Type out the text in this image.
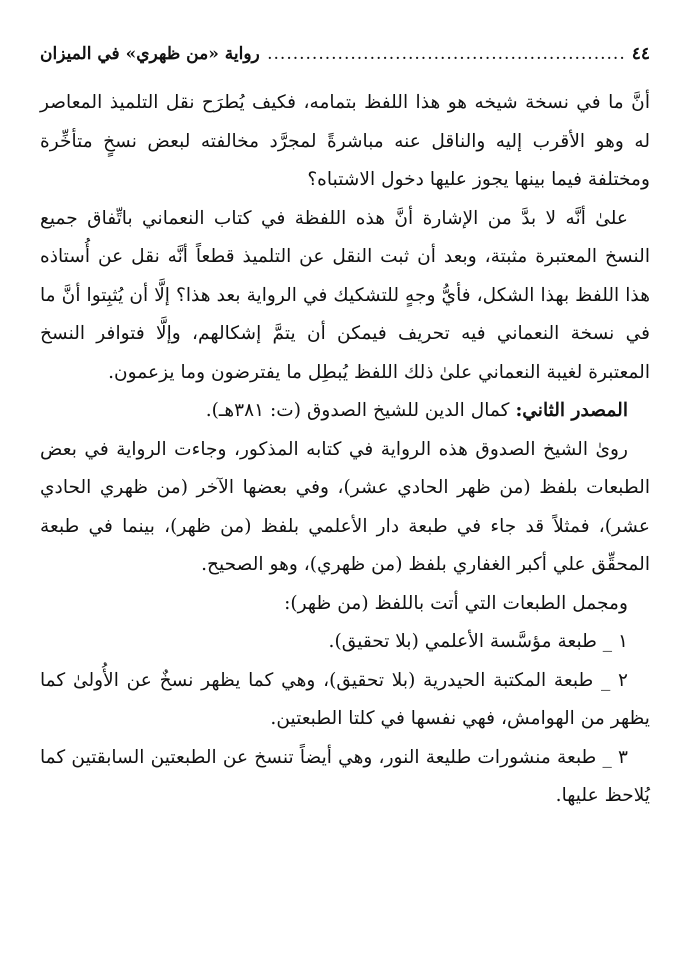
٤٤
.....
رواية «من ظهري» في الميزان

أنَّ ما في نسخة شيخه هو هذا اللفظ بتمامه، فكيف يُطرَح نقل التلميذ المعاصر له وهو الأقرب إليه والناقل عنه مباشرةً لمجرَّد مخالفته لبعض نسخٍ متأخِّرة ومختلفة فيما بينها يجوز عليها دخول الاشتباه؟

علىٰ أنَّه لا بدَّ من الإشارة أنَّ هذه اللفظة في كتاب النعماني باتِّفاق جميع النسخ المعتبرة مثبتة، وبعد أن ثبت النقل عن التلميذ قطعاً أنَّه نقل عن أُستاذه هذا اللفظ بهذا الشكل، فأيُّ وجهٍ للتشكيك في الرواية بعد هذا؟ إلَّا أن يُثبِتوا أنَّ ما في نسخة النعماني فيه تحريف فيمكن أن يتمَّ إشكالهم، وإلَّا فتوافر النسخ المعتبرة لغيبة النعماني علىٰ ذلك اللفظ يُبطِل ما يفترضون وما يزعمون.

المصدر الثاني: كمال الدين للشيخ الصدوق (ت: ٣٨١هـ).

روىٰ الشيخ الصدوق هذه الرواية في كتابه المذكور، وجاءت الرواية في بعض الطبعات بلفظ (من ظهر الحادي عشر)، وفي بعضها الآخر (من ظهري الحادي عشر)، فمثلاً قد جاء في طبعة دار الأعلمي بلفظ (من ظهر)، بينما في طبعة المحقِّق علي أكبر الغفاري بلفظ (من ظهري)، وهو الصحيح.

ومجمل الطبعات التي أتت باللفظ (من ظهر):

١ _ طبعة مؤسَّسة الأعلمي (بلا تحقيق).

٢ _ طبعة المكتبة الحيدرية (بلا تحقيق)، وهي كما يظهر نسخٌ عن الأُولىٰ كما يظهر من الهوامش، فهي نفسها في كلتا الطبعتين.

٣ _ طبعة منشورات طليعة النور، وهي أيضاً تنسخ عن الطبعتين السابقتين كما يُلاحظ عليها.
